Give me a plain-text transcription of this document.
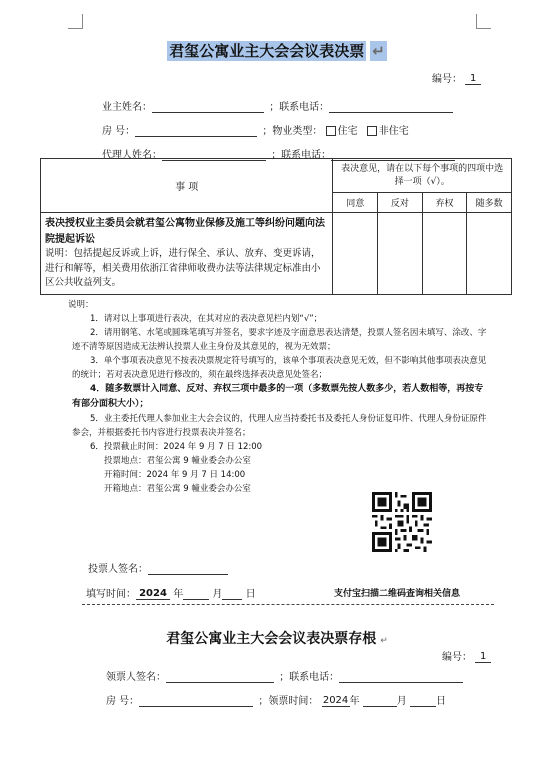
君玺公寓业主大会会议表决票 ↵
编号： 1
业主姓名：	；联系电话：
房 号：	；物业类型： 住宅 非住宅
代理人姓名：	；联系电话：
事 项	表决意见，请在以下每个事项的四项中选择一项（√）。			
	同意	反对	弃权	随多数

表决授权业主委员会就君玺公寓物业保修及施工等纠纷问题向法院提起诉讼
说明：包括提起反诉或上诉，进行保全、承认、放弃、变更诉请，进行和解等，相关费用依浙江省律师收费办法等法律规定标准由小区公共收益列支。				

说明：

1．请对以上事项进行表决，在其对应的表决意见栏内划“√”；

2．请用钢笔、水笔或圆珠笔填写并签名，要求字迹及字面意思表达清楚，投票人签名因未填写、涂改、字迹不清等原因造成无法辨认投票人业主身份及其意见的，视为无效票；

3．单个事项表决意见不按表决票规定符号填写的，该单个事项表决意见无效，但不影响其他事项表决意见的统计；若对表决意见进行修改的，须在最终选择表决意见处签名；

4．随多数票计入同意、反对、弃权三项中最多的一项（多数票先按人数多少，若人数相等，再按专有部分面积大小）；

5．业主委托代理人参加业主大会会议的，代理人应当持委托书及委托人身份证复印件、代理人身份证原件参会，并根据委托书内容进行投票表决并签名；

6．投票截止时间：2024 年 9 月 7 日 12:00

投票地点：君玺公寓 9 幢业委会办公室

开箱时间：2024 年 9 月 7 日 14:00

开箱地点：君玺公寓 9 幢业委会办公室

投票人签名：
填写时间： 2024 年	月 日	支付宝扫描二维码查询相关信息
君玺公寓业主大会会议表决票存根 ↵
编号： 1
领票人签名：	；联系电话：
房 号：	；领票时间： 2024年	月	日
